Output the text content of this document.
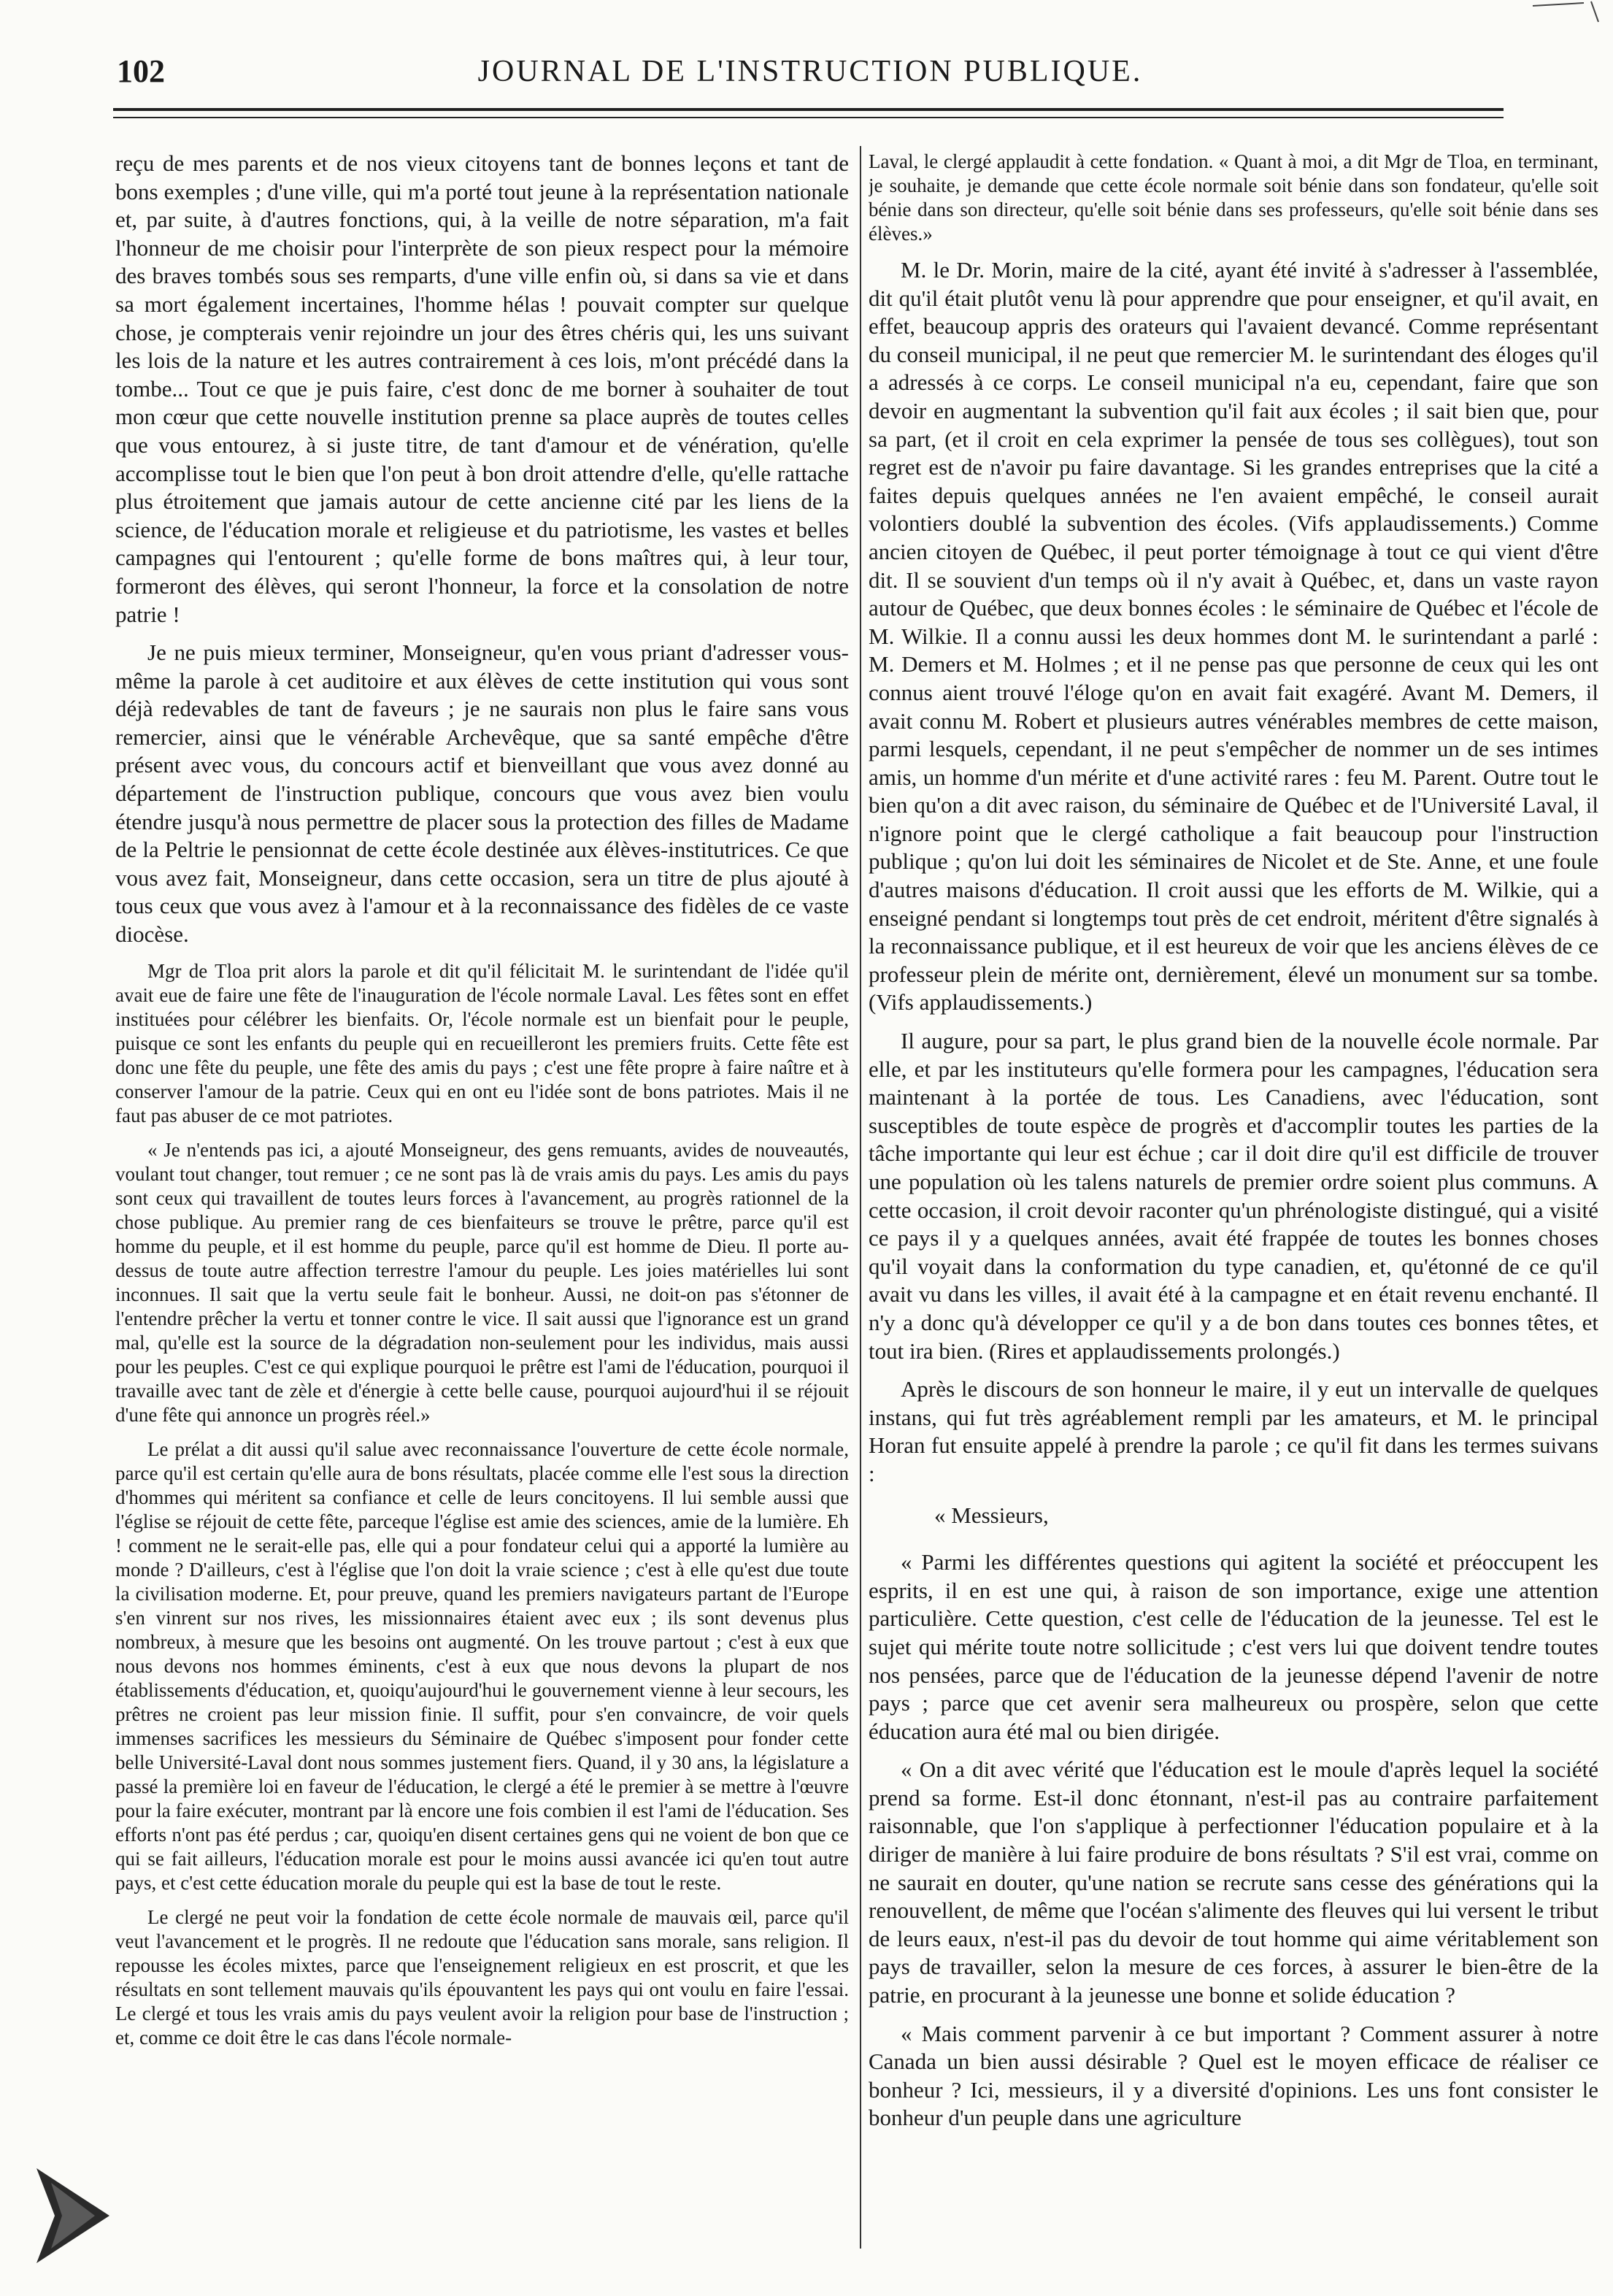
102	JOURNAL DE L'INSTRUCTION PUBLIQUE.

reçu de mes parents et de nos vieux citoyens tant de bonnes leçons et tant de bons exemples ; d'une ville, qui m'a porté tout jeune à la représentation nationale et, par suite, à d'autres fonctions, qui, à la veille de notre séparation, m'a fait l'honneur de me choisir pour l'interprète de son pieux respect pour la mémoire des braves tombés sous ses remparts, d'une ville enfin où, si dans sa vie et dans sa mort également incertaines, l'homme hélas ! pouvait compter sur quelque chose, je compterais venir rejoindre un jour des êtres chéris qui, les uns suivant les lois de la nature et les autres contrairement à ces lois, m'ont précédé dans la tombe... Tout ce que je puis faire, c'est donc de me borner à souhaiter de tout mon cœur que cette nouvelle institution prenne sa place auprès de toutes celles que vous entourez, à si juste titre, de tant d'amour et de vénération, qu'elle accomplisse tout le bien que l'on peut à bon droit attendre d'elle, qu'elle rattache plus étroitement que jamais autour de cette ancienne cité par les liens de la science, de l'éducation morale et religieuse et du patriotisme, les vastes et belles campagnes qui l'entourent ; qu'elle forme de bons maîtres qui, à leur tour, formeront des élèves, qui seront l'honneur, la force et la consolation de notre patrie !

Je ne puis mieux terminer, Monseigneur, qu'en vous priant d'adresser vous-même la parole à cet auditoire et aux élèves de cette institution qui vous sont déjà redevables de tant de faveurs ; je ne saurais non plus le faire sans vous remercier, ainsi que le vénérable Archevêque, que sa santé empêche d'être présent avec vous, du concours actif et bienveillant que vous avez donné au département de l'instruction publique, concours que vous avez bien voulu étendre jusqu'à nous permettre de placer sous la protection des filles de Madame de la Peltrie le pensionnat de cette école destinée aux élèves-institutrices. Ce que vous avez fait, Monseigneur, dans cette occasion, sera un titre de plus ajouté à tous ceux que vous avez à l'amour et à la reconnaissance des fidèles de ce vaste diocèse.

Mgr de Tloa prit alors la parole et dit qu'il félicitait M. le surintendant de l'idée qu'il avait eue de faire une fête de l'inauguration de l'école normale Laval. Les fêtes sont en effet instituées pour célébrer les bienfaits. Or, l'école normale est un bienfait pour le peuple, puisque ce sont les enfants du peuple qui en recueilleront les premiers fruits. Cette fête est donc une fête du peuple, une fête des amis du pays ; c'est une fête propre à faire naître et à conserver l'amour de la patrie. Ceux qui en ont eu l'idée sont de bons patriotes. Mais il ne faut pas abuser de ce mot patriotes.

« Je n'entends pas ici, a ajouté Monseigneur, des gens remuants, avides de nouveautés, voulant tout changer, tout remuer ; ce ne sont pas là de vrais amis du pays. Les amis du pays sont ceux qui travaillent de toutes leurs forces à l'avancement, au progrès rationnel de la chose publique. Au premier rang de ces bienfaiteurs se trouve le prêtre, parce qu'il est homme du peuple, et il est homme du peuple, parce qu'il est homme de Dieu. Il porte au-dessus de toute autre affection terrestre l'amour du peuple. Les joies matérielles lui sont inconnues. Il sait que la vertu seule fait le bonheur. Aussi, ne doit-on pas s'étonner de l'entendre prêcher la vertu et tonner contre le vice. Il sait aussi que l'ignorance est un grand mal, qu'elle est la source de la dégradation non-seulement pour les individus, mais aussi pour les peuples. C'est ce qui explique pourquoi le prêtre est l'ami de l'éducation, pourquoi il travaille avec tant de zèle et d'énergie à cette belle cause, pourquoi aujourd'hui il se réjouit d'une fête qui annonce un progrès réel.»

Le prélat a dit aussi qu'il salue avec reconnaissance l'ouverture de cette école normale, parce qu'il est certain qu'elle aura de bons résultats, placée comme elle l'est sous la direction d'hommes qui méritent sa confiance et celle de leurs concitoyens. Il lui semble aussi que l'église se réjouit de cette fête, parceque l'église est amie des sciences, amie de la lumière. Eh ! comment ne le serait-elle pas, elle qui a pour fondateur celui qui a apporté la lumière au monde ? D'ailleurs, c'est à l'église que l'on doit la vraie science ; c'est à elle qu'est due toute la civilisation moderne. Et, pour preuve, quand les premiers navigateurs partant de l'Europe s'en vinrent sur nos rives, les missionnaires étaient avec eux ; ils sont devenus plus nombreux, à mesure que les besoins ont augmenté. On les trouve partout ; c'est à eux que nous devons nos hommes éminents, c'est à eux que nous devons la plupart de nos établissements d'éducation, et, quoiqu'aujourd'hui le gouvernement vienne à leur secours, les prêtres ne croient pas leur mission finie. Il suffit, pour s'en convaincre, de voir quels immenses sacrifices les messieurs du Séminaire de Québec s'imposent pour fonder cette belle Université-Laval dont nous sommes justement fiers. Quand, il y 30 ans, la législature a passé la première loi en faveur de l'éducation, le clergé a été le premier à se mettre à l'œuvre pour la faire exécuter, montrant par là encore une fois combien il est l'ami de l'éducation. Ses efforts n'ont pas été perdus ; car, quoiqu'en disent certaines gens qui ne voient de bon que ce qui se fait ailleurs, l'éducation morale est pour le moins aussi avancée ici qu'en tout autre pays, et c'est cette éducation morale du peuple qui est la base de tout le reste.

Le clergé ne peut voir la fondation de cette école normale de mauvais œil, parce qu'il veut l'avancement et le progrès. Il ne redoute que l'éducation sans morale, sans religion. Il repousse les écoles mixtes, parce que l'enseignement religieux en est proscrit, et que les résultats en sont tellement mauvais qu'ils épouvantent les pays qui ont voulu en faire l'essai. Le clergé et tous les vrais amis du pays veulent avoir la religion pour base de l'instruction ; et, comme ce doit être le cas dans l'école normale-

Laval, le clergé applaudit à cette fondation. « Quant à moi, a dit Mgr de Tloa, en terminant, je souhaite, je demande que cette école normale soit bénie dans son fondateur, qu'elle soit bénie dans son directeur, qu'elle soit bénie dans ses professeurs, qu'elle soit bénie dans ses élèves.»

M. le Dr. Morin, maire de la cité, ayant été invité à s'adresser à l'assemblée, dit qu'il était plutôt venu là pour apprendre que pour enseigner, et qu'il avait, en effet, beaucoup appris des orateurs qui l'avaient devancé. Comme représentant du conseil municipal, il ne peut que remercier M. le surintendant des éloges qu'il a adressés à ce corps. Le conseil municipal n'a eu, cependant, faire que son devoir en augmentant la subvention qu'il fait aux écoles ; il sait bien que, pour sa part, (et il croit en cela exprimer la pensée de tous ses collègues), tout son regret est de n'avoir pu faire davantage. Si les grandes entreprises que la cité a faites depuis quelques années ne l'en avaient empêché, le conseil aurait volontiers doublé la subvention des écoles. (Vifs applaudissements.) Comme ancien citoyen de Québec, il peut porter témoignage à tout ce qui vient d'être dit. Il se souvient d'un temps où il n'y avait à Québec, et, dans un vaste rayon autour de Québec, que deux bonnes écoles : le séminaire de Québec et l'école de M. Wilkie. Il a connu aussi les deux hommes dont M. le surintendant a parlé : M. Demers et M. Holmes ; et il ne pense pas que personne de ceux qui les ont connus aient trouvé l'éloge qu'on en avait fait exagéré. Avant M. Demers, il avait connu M. Robert et plusieurs autres vénérables membres de cette maison, parmi lesquels, cependant, il ne peut s'empêcher de nommer un de ses intimes amis, un homme d'un mérite et d'une activité rares : feu M. Parent. Outre tout le bien qu'on a dit avec raison, du séminaire de Québec et de l'Université Laval, il n'ignore point que le clergé catholique a fait beaucoup pour l'instruction publique ; qu'on lui doit les séminaires de Nicolet et de Ste. Anne, et une foule d'autres maisons d'éducation. Il croit aussi que les efforts de M. Wilkie, qui a enseigné pendant si longtemps tout près de cet endroit, méritent d'être signalés à la reconnaissance publique, et il est heureux de voir que les anciens élèves de ce professeur plein de mérite ont, dernièrement, élevé un monument sur sa tombe. (Vifs applaudissements.)

Il augure, pour sa part, le plus grand bien de la nouvelle école normale. Par elle, et par les instituteurs qu'elle formera pour les campagnes, l'éducation sera maintenant à la portée de tous. Les Canadiens, avec l'éducation, sont susceptibles de toute espèce de progrès et d'accomplir toutes les parties de la tâche importante qui leur est échue ; car il doit dire qu'il est difficile de trouver une population où les talens naturels de premier ordre soient plus communs. A cette occasion, il croit devoir raconter qu'un phrénologiste distingué, qui a visité ce pays il y a quelques années, avait été frappée de toutes les bonnes choses qu'il voyait dans la conformation du type canadien, et, qu'étonné de ce qu'il avait vu dans les villes, il avait été à la campagne et en était revenu enchanté. Il n'y a donc qu'à développer ce qu'il y a de bon dans toutes ces bonnes têtes, et tout ira bien. (Rires et applaudissements prolongés.)

Après le discours de son honneur le maire, il y eut un intervalle de quelques instans, qui fut très agréablement rempli par les amateurs, et M. le principal Horan fut ensuite appelé à prendre la parole ; ce qu'il fit dans les termes suivans :

« Messieurs,

« Parmi les différentes questions qui agitent la société et préoccupent les esprits, il en est une qui, à raison de son importance, exige une attention particulière. Cette question, c'est celle de l'éducation de la jeunesse. Tel est le sujet qui mérite toute notre sollicitude ; c'est vers lui que doivent tendre toutes nos pensées, parce que de l'éducation de la jeunesse dépend l'avenir de notre pays ; parce que cet avenir sera malheureux ou prospère, selon que cette éducation aura été mal ou bien dirigée.

« On a dit avec vérité que l'éducation est le moule d'après lequel la société prend sa forme. Est-il donc étonnant, n'est-il pas au contraire parfaitement raisonnable, que l'on s'applique à perfectionner l'éducation populaire et à la diriger de manière à lui faire produire de bons résultats ? S'il est vrai, comme on ne saurait en douter, qu'une nation se recrute sans cesse des générations qui la renouvellent, de même que l'océan s'alimente des fleuves qui lui versent le tribut de leurs eaux, n'est-il pas du devoir de tout homme qui aime véritablement son pays de travailler, selon la mesure de ces forces, à assurer le bien-être de la patrie, en procurant à la jeunesse une bonne et solide éducation ?

« Mais comment parvenir à ce but important ? Comment assurer à notre Canada un bien aussi désirable ? Quel est le moyen efficace de réaliser ce bonheur ? Ici, messieurs, il y a diversité d'opinions. Les uns font consister le bonheur d'un peuple dans une agriculture
